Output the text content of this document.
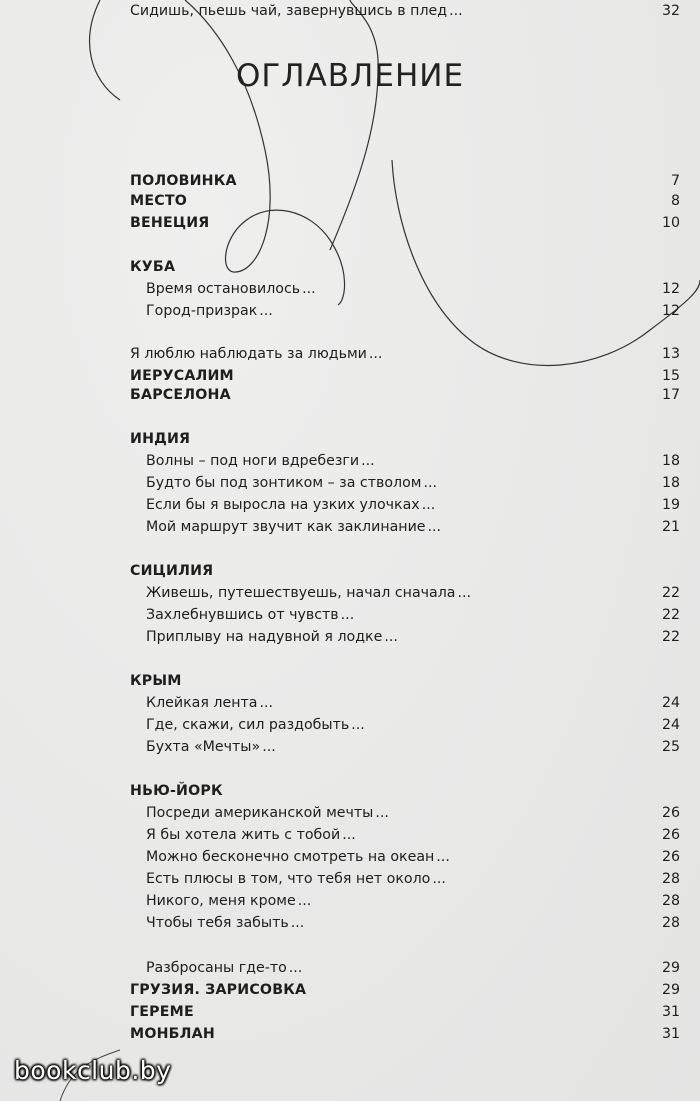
ОГЛАВЛЕНИЕ
ПОЛОВИНКА	7
МЕСТО	8
ВЕНЕЦИЯ	10
КУБА
Время остановилось ...	12
Город-призрак ...	12
Я люблю наблюдать за людьми ...	13
ИЕРУСАЛИМ	15
БАРСЕЛОНА	17
ИНДИЯ
Волны – под ноги вдребезги ...	18
Будто бы под зонтиком – за стволом ...	18
Если бы я выросла на узких улочках ...	19
Мой маршрут звучит как заклинание ...	21
СИЦИЛИЯ
Живешь, путешествуешь, начал сначала ...	22
Захлебнувшись от чувств ...	22
Приплыву на надувной я лодке ...	22
КРЫМ
Клейкая лента ...	24
Где, скажи, сил раздобыть ...	24
Бухта «Мечты» ...	25
НЬЮ-ЙОРК
Посреди американской мечты ...	26
Я бы хотела жить с тобой ...	26
Можно бесконечно смотреть на океан ...	26
Есть плюсы в том, что тебя нет около ...	28
Никого, меня кроме ...	28
Чтобы тебя забыть ...	28
Разбросаны где-то ...	29
ГРУЗИЯ. ЗАРИСОВКА	29
ГЕРЕМЕ	31
МОНБЛАН	31
Сидишь, пьешь чай, завернувшись в плед ...	32
bookclub.by
